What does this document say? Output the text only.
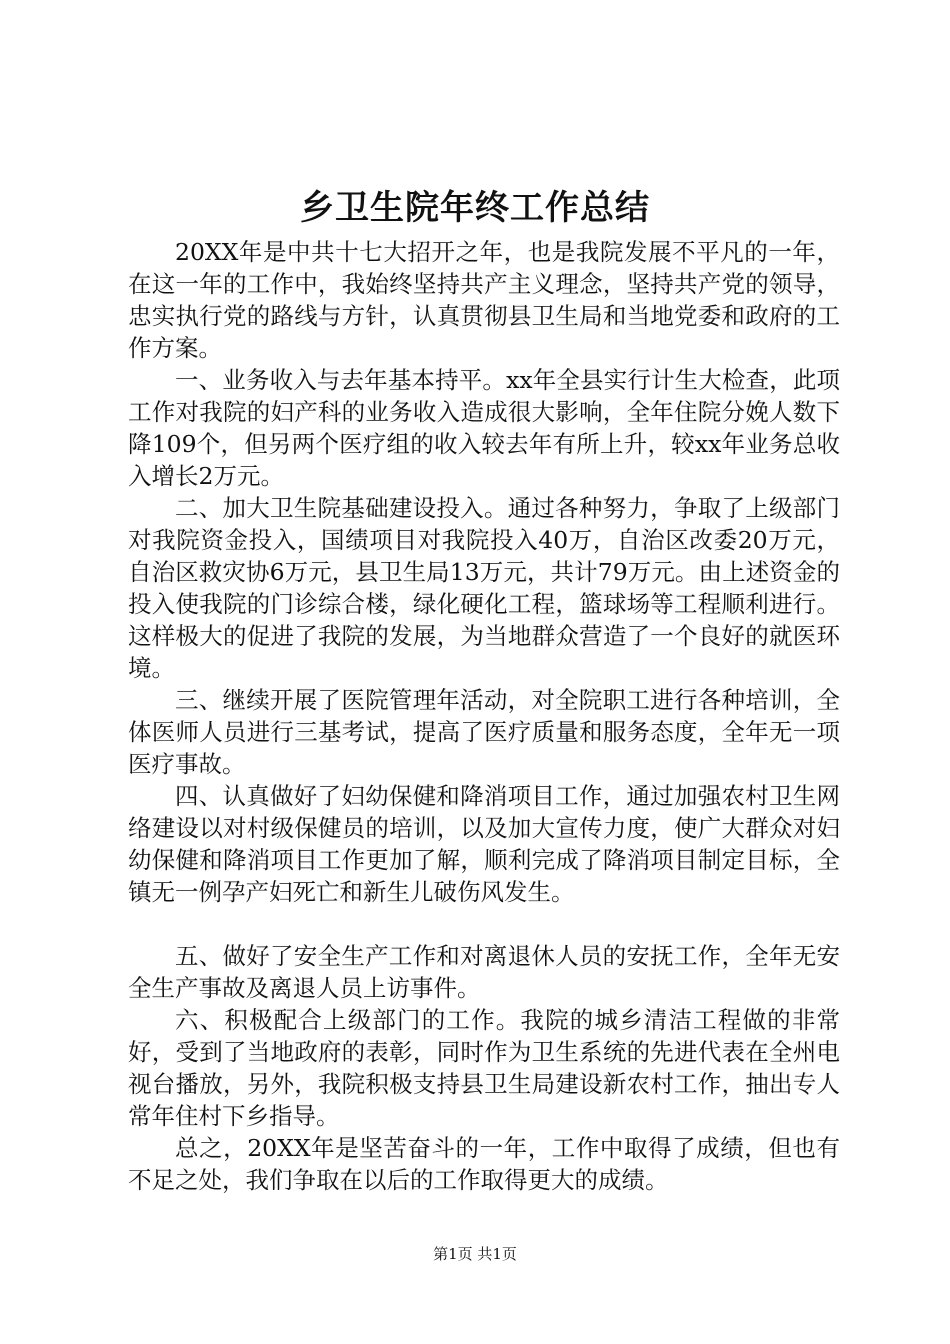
乡卫生院年终工作总结

20XX年是中共十七大招开之年，也是我院发展不平凡的一年，在这一年的工作中，我始终坚持共产主义理念，坚持共产党的领导，忠实执行党的路线与方针，认真贯彻县卫生局和当地党委和政府的工作方案。

一、业务收入与去年基本持平。xx年全县实行计生大检查，此项工作对我院的妇产科的业务收入造成很大影响，全年住院分娩人数下降109个，但另两个医疗组的收入较去年有所上升，较xx年业务总收入增长2万元。

二、加大卫生院基础建设投入。通过各种努力，争取了上级部门对我院资金投入，国绩项目对我院投入40万，自治区改委20万元，自治区救灾协6万元，县卫生局13万元，共计79万元。由上述资金的投入使我院的门诊综合楼，绿化硬化工程，篮球场等工程顺利进行。这样极大的促进了我院的发展，为当地群众营造了一个良好的就医环境。

三、继续开展了医院管理年活动，对全院职工进行各种培训，全体医师人员进行三基考试，提高了医疗质量和服务态度，全年无一项医疗事故。

四、认真做好了妇幼保健和降消项目工作，通过加强农村卫生网络建设以对村级保健员的培训，以及加大宣传力度，使广大群众对妇幼保健和降消项目工作更加了解，顺利完成了降消项目制定目标，全镇无一例孕产妇死亡和新生儿破伤风发生。

五、做好了安全生产工作和对离退休人员的安抚工作，全年无安全生产事故及离退人员上访事件。

六、积极配合上级部门的工作。我院的城乡清洁工程做的非常好，受到了当地政府的表彰，同时作为卫生系统的先进代表在全州电视台播放，另外，我院积极支持县卫生局建设新农村工作，抽出专人常年住村下乡指导。

总之，20XX年是坚苦奋斗的一年，工作中取得了成绩，但也有不足之处，我们争取在以后的工作取得更大的成绩。

第1页 共1页
